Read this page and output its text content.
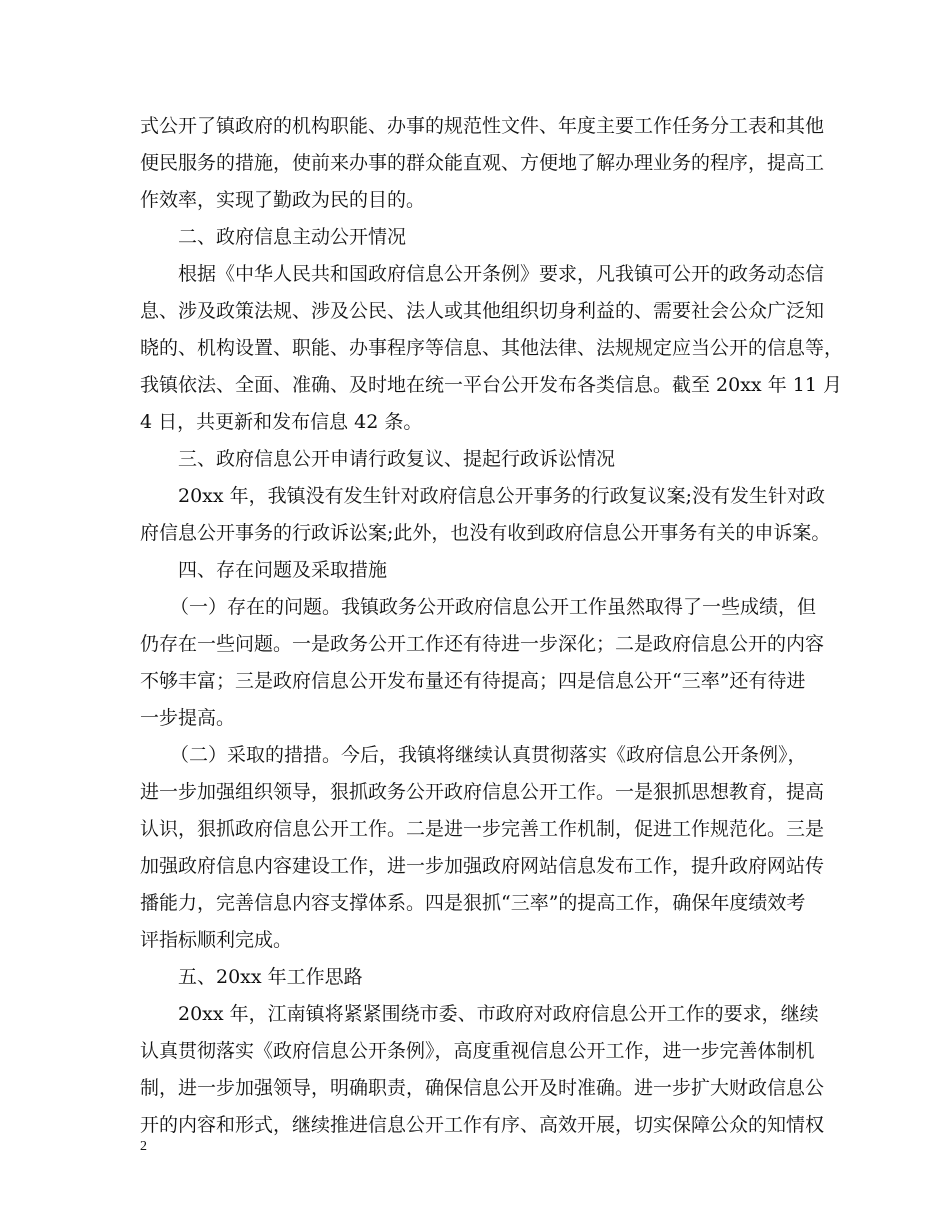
式公开了镇政府的机构职能、办事的规范性文件、年度主要工作任务分工表和其他
便民服务的措施，使前来办事的群众能直观、方便地了解办理业务的程序，提高工
作效率，实现了勤政为民的目的。
二、政府信息主动公开情况
根据《中华人民共和国政府信息公开条例》要求，凡我镇可公开的政务动态信
息、涉及政策法规、涉及公民、法人或其他组织切身利益的、需要社会公众广泛知
晓的、机构设置、职能、办事程序等信息、其他法律、法规规定应当公开的信息等，
我镇依法、全面、准确、及时地在统一平台公开发布各类信息。截至 20xx 年 11 月
4 日，共更新和发布信息 42 条。
三、政府信息公开申请行政复议、提起行政诉讼情况
20xx 年，我镇没有发生针对政府信息公开事务的行政复议案;没有发生针对政
府信息公开事务的行政诉讼案;此外，也没有收到政府信息公开事务有关的申诉案。
四、存在问题及采取措施
（一）存在的问题。我镇政务公开政府信息公开工作虽然取得了一些成绩，但
仍存在一些问题。一是政务公开工作还有待进一步深化；二是政府信息公开的内容
不够丰富；三是政府信息公开发布量还有待提高；四是信息公开“三率”还有待进
一步提高。
（二）采取的措措。今后，我镇将继续认真贯彻落实《政府信息公开条例》，
进一步加强组织领导，狠抓政务公开政府信息公开工作。一是狠抓思想教育，提高
认识，狠抓政府信息公开工作。二是进一步完善工作机制，促进工作规范化。三是
加强政府信息内容建设工作，进一步加强政府网站信息发布工作，提升政府网站传
播能力，完善信息内容支撑体系。四是狠抓“三率”的提高工作，确保年度绩效考
评指标顺利完成。
五、20xx 年工作思路
20xx 年，江南镇将紧紧围绕市委、市政府对政府信息公开工作的要求，继续
认真贯彻落实《政府信息公开条例》，高度重视信息公开工作，进一步完善体制机
制，进一步加强领导，明确职责，确保信息公开及时准确。进一步扩大财政信息公
开的内容和形式，继续推进信息公开工作有序、高效开展，切实保障公众的知情权
2
